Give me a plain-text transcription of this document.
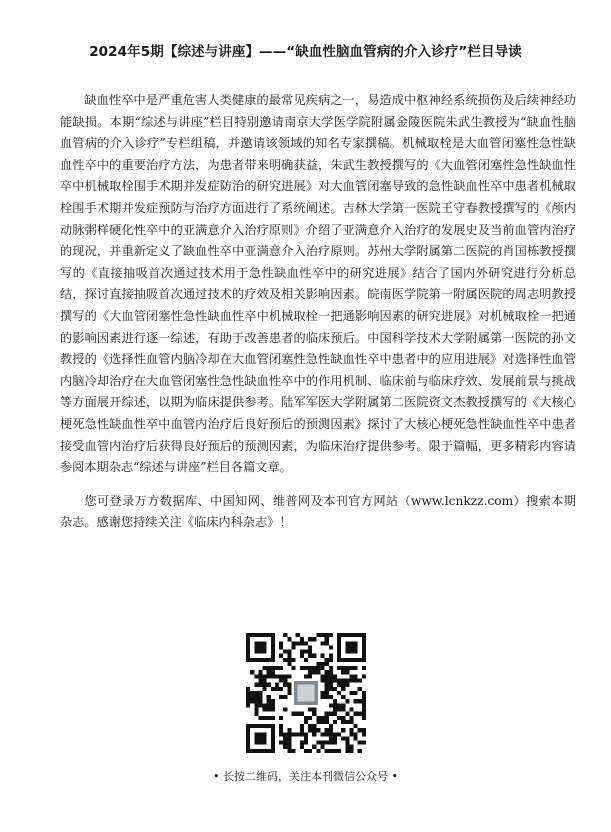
2024年5期【综述与讲座】——“缺血性脑血管病的介入诊疗”栏目导读

缺血性卒中是严重危害人类健康的最常见疾病之一，易造成中枢神经系统损伤及后续神经功能缺损。本期“综述与讲座”栏目特别邀请南京大学医学院附属金陵医院朱武生教授为“缺血性脑血管病的介入诊疗”专栏组稿，并邀请该领域的知名专家撰稿。机械取栓是大血管闭塞性急性缺血性卒中的重要治疗方法，为患者带来明确获益，朱武生教授撰写的《大血管闭塞性急性缺血性卒中机械取栓围手术期并发症防治的研究进展》对大血管闭塞导致的急性缺血性卒中患者机械取栓围手术期并发症预防与治疗方面进行了系统阐述。吉林大学第一医院王守春教授撰写的《颅内动脉粥样硬化性卒中的亚满意介入治疗原则》介绍了亚满意介入治疗的发展史及当前血管内治疗的现况，并重新定义了缺血性卒中亚满意介入治疗原则。苏州大学附属第二医院的肖国栋教授撰写的《直接抽吸首次通过技术用于急性缺血性卒中的研究进展》结合了国内外研究进行分析总结，探讨直接抽吸首次通过技术的疗效及相关影响因素。皖南医学院第一附属医院的周志明教授撰写的《大血管闭塞性急性缺血性卒中机械取栓一把通影响因素的研究进展》对机械取栓一把通的影响因素进行逐一综述，有助于改善患者的临床预后。中国科学技术大学附属第一医院的孙文教授的《选择性血管内脑冷却在大血管闭塞性急性缺血性卒中患者中的应用进展》对选择性血管内脑冷却治疗在大血管闭塞性急性缺血性卒中的作用机制、临床前与临床疗效、发展前景与挑战等方面展开综述，以期为临床提供参考。陆军军医大学附属第二医院资文杰教授撰写的《大核心梗死急性缺血性卒中血管内治疗后良好预后的预测因素》探讨了大核心梗死急性缺血性卒中患者接受血管内治疗后获得良好预后的预测因素，为临床治疗提供参考。限于篇幅，更多精彩内容请参阅本期杂志“综述与讲座”栏目各篇文章。

您可登录万方数据库、中国知网、维普网及本刊官方网站（www.lcnkzz.com）搜索本期杂志。感谢您持续关注《临床内科杂志》！

• 长按二维码，关注本刊微信公众号 •
